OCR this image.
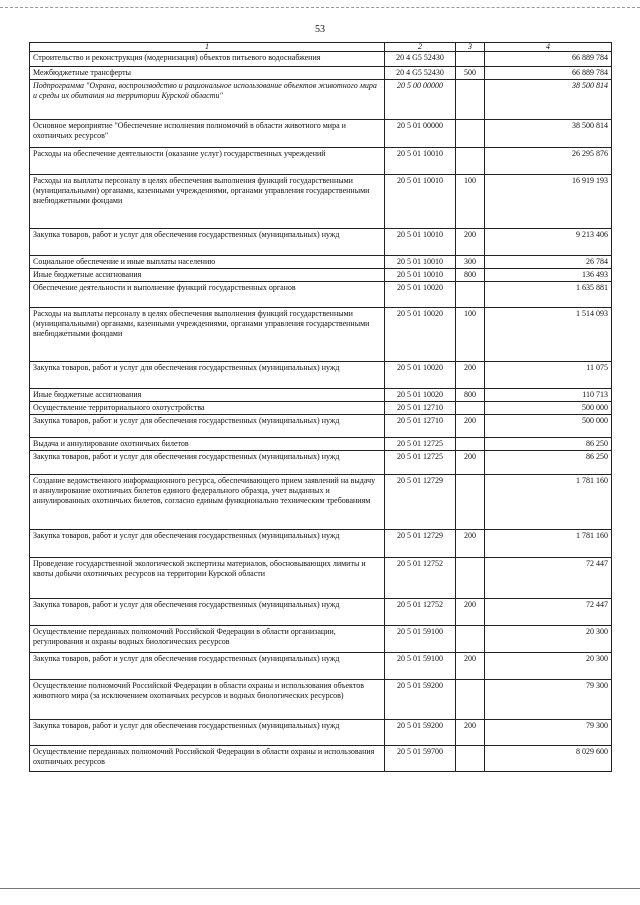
53
1	2	3	4
Строительство и реконструкция (модернизация) объектов питьевого водоснабжения	20 4 G5 52430		66 889 784
Межбюджетные трансферты	20 4 G5 52430	500	66 889 784
Подпрограмма "Охрана, воспроизводство и рациональное использование объектов животного мира и среды их обитания на территории Курской области"	20 5 00 00000		38 500 814
Основное мероприятие "Обеспечение исполнения полномочий в области животного мира и охотничьих ресурсов"	20 5 01 00000		38 500 814
Расходы на обеспечение деятельности (оказание услуг) государственных учреждений	20 5 01 10010		26 295 876
Расходы на выплаты персоналу в целях обеспечения выполнения функций государственными (муниципальными) органами, казенными учреждениями, органами управления государственными внебюджетными фондами	20 5 01 10010	100	16 919 193
Закупка товаров, работ и услуг для обеспечения государственных (муниципальных) нужд	20 5 01 10010	200	9 213 406
Социальное обеспечение и иные выплаты населению	20 5 01 10010	300	26 784
Иные бюджетные ассигнования	20 5 01 10010	800	136 493
Обеспечение деятельности и выполнение функций государственных органов	20 5 01 10020		1 635 881
Расходы на выплаты персоналу в целях обеспечения выполнения функций государственными (муниципальными) органами, казенными учреждениями, органами управления государственными внебюджетными фондами	20 5 01 10020	100	1 514 093
Закупка товаров, работ и услуг для обеспечения государственных (муниципальных) нужд	20 5 01 10020	200	11 075
Иные бюджетные ассигнования	20 5 01 10020	800	110 713
Осуществление территориального охотустройства	20 5 01 12710		500 000
Закупка товаров, работ и услуг для обеспечения государственных (муниципальных) нужд	20 5 01 12710	200	500 000
Выдача и аннулирование охотничьих билетов	20 5 01 12725		86 250
Закупка товаров, работ и услуг для обеспечения государственных (муниципальных) нужд	20 5 01 12725	200	86 250
Создание ведомственного информационного ресурса, обеспечивающего прием заявлений на выдачу и аннулирование охотничьих билетов единого федерального образца, учет выданных и аннулированных охотничьих билетов, согласно единым функционально техническим требованиям	20 5 01 12729		1 781 160
Закупка товаров, работ и услуг для обеспечения государственных (муниципальных) нужд	20 5 01 12729	200	1 781 160
Проведение государственной экологической экспертизы материалов, обосновывающих лимиты и квоты добычи охотничьих ресурсов на территории Курской области	20 5 01 12752		72 447
Закупка товаров, работ и услуг для обеспечения государственных (муниципальных) нужд	20 5 01 12752	200	72 447
Осуществление переданных полномочий Российской Федерации в области организации, регулирования и охраны водных биологических ресурсов	20 5 01 59100		20 300
Закупка товаров, работ и услуг для обеспечения государственных (муниципальных) нужд	20 5 01 59100	200	20 300
Осуществление полномочий Российской Федерации в области охраны и использования объектов животного мира (за исключением охотничьих ресурсов и водных биологических ресурсов)	20 5 01 59200		79 300
Закупка товаров, работ и услуг для обеспечения государственных (муниципальных) нужд	20 5 01 59200	200	79 300
Осуществление переданных полномочий Российской Федерации в области охраны и использования охотничьих ресурсов	20 5 01 59700		8 029 600
